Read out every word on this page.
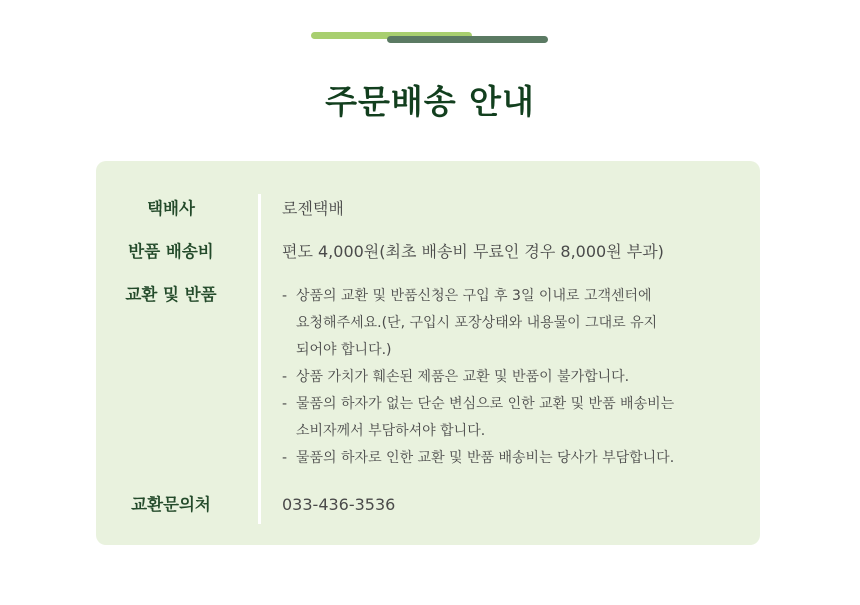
주문배송 안내
택배사	로젠택배
반품 배송비	편도 4,000원(최초 배송비 무료인 경우 8,000원 부과)
교환 및 반품	- 상품의 교환 및 반품신청은 구입 후 3일 이내로 고객센터에
요청해주세요.(단, 구입시 포장상태와 내용물이 그대로 유지
되어야 합니다.)
- 상품 가치가 훼손된 제품은 교환 및 반품이 불가합니다.
- 물품의 하자가 없는 단순 변심으로 인한 교환 및 반품 배송비는
소비자께서 부담하셔야 합니다.
- 물품의 하자로 인한 교환 및 반품 배송비는 당사가 부담합니다.
교환문의처	033-436-3536
